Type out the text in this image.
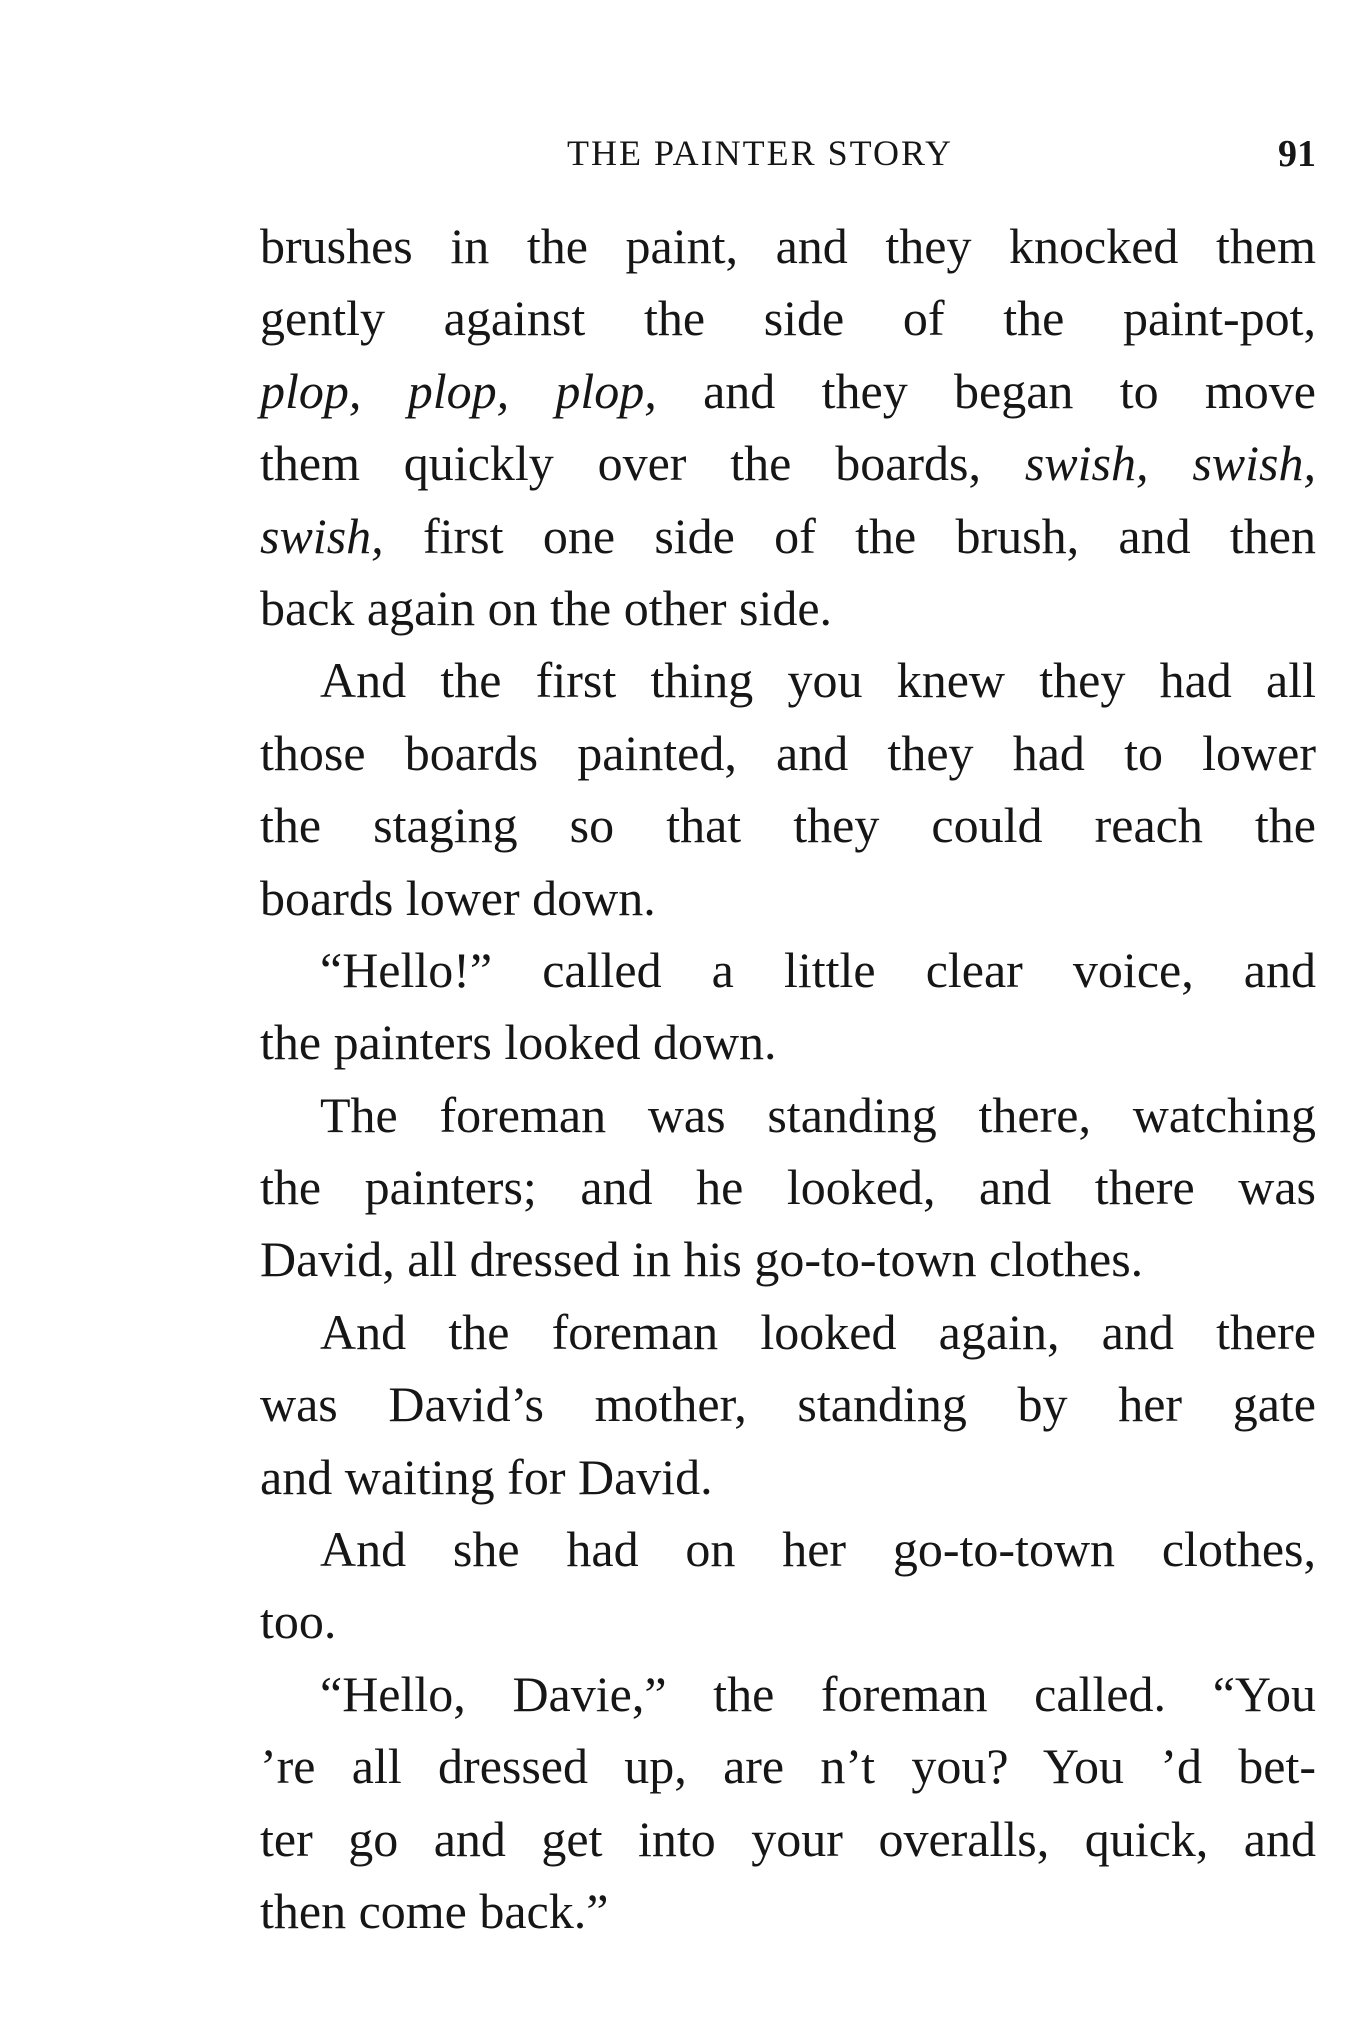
THE PAINTER STORY	91
brushes in the paint, and they knocked them
gently against the side of the paint-pot,
plop, plop, plop, and they began to move
them quickly over the boards, swish, swish,
swish, first one side of the brush, and then
back again on the other side.
And the first thing you knew they had all
those boards painted, and they had to lower
the staging so that they could reach the
boards lower down.
“Hello!” called a little clear voice, and
the painters looked down.
The foreman was standing there, watching
the painters; and he looked, and there was
David, all dressed in his go-to-town clothes.
And the foreman looked again, and there
was David’s mother, standing by her gate
and waiting for David.
And she had on her go-to-town clothes,
too.
“Hello, Davie,” the foreman called. “You
’re all dressed up, are n’t you? You ’d bet-
ter go and get into your overalls, quick, and
then come back.”
